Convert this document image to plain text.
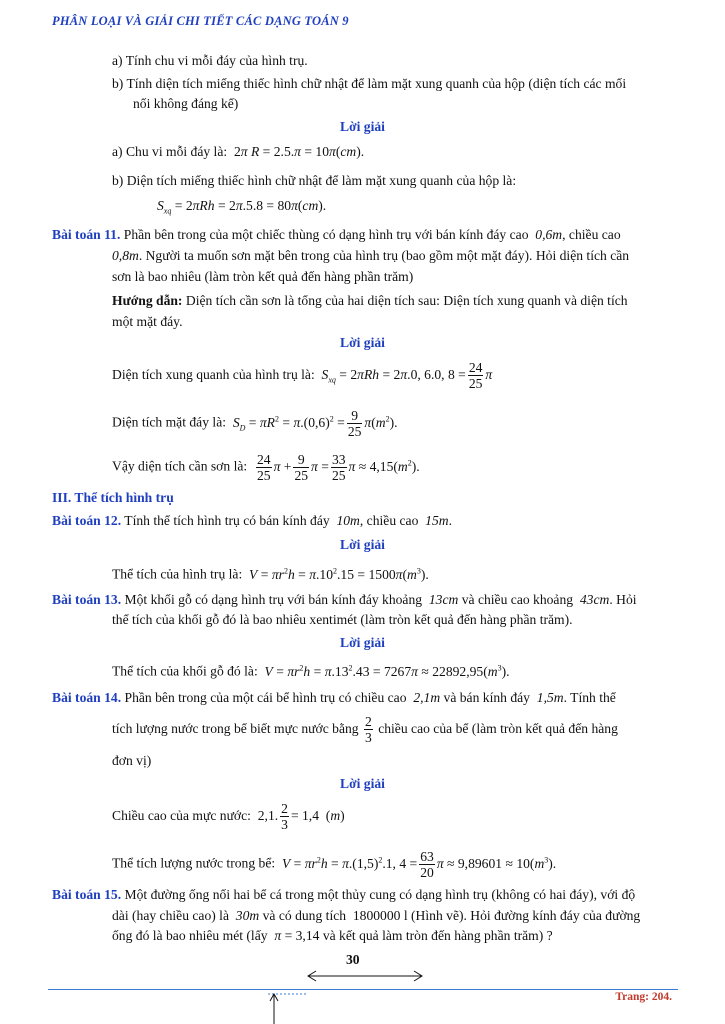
PHÂN LOẠI VÀ GIẢI CHI TIẾT CÁC DẠNG TOÁN 9
a) Tính chu vi mỗi đáy của hình trụ.
b) Tính diện tích miếng thiếc hình chữ nhật để làm mặt xung quanh của hộp (diện tích các mối
nối không đáng kể)
Lời giải
a) Chu vi mỗi đáy là:  2π R = 2.5.π = 10π(cm).
b) Diện tích miếng thiếc hình chữ nhật để làm mặt xung quanh của hộp là:
$S_{xq} = 2\pi Rh = 2\pi.5.8 = 80\pi(cm)$.
Bài toán 11. Phần bên trong của một chiếc thùng có dạng hình trụ với bán kính đáy cao  0,6m, chiều cao
0,8m. Người ta muốn sơn mặt bên trong của hình trụ (bao gồm một mặt đáy). Hỏi diện tích cần
sơn là bao nhiêu (làm tròn kết quả đến hàng phần trăm)
Hướng dẫn: Diện tích cần sơn là tổng của hai diện tích sau: Diện tích xung quanh và diện tích
một mặt đáy.
Lời giải
Diện tích xung quanh của hình trụ là: $S_{xq} = 2\pi Rh = 2\pi.0$, 6.0, $8 = \frac{24}{25}$ π
Diện tích mặt đáy là: $S_D = \pi R^2 = \pi.(0,6)^2 = \frac{9}{25} \pi(m^2)$.
Vậy diện tích cần sơn là: $\frac{24}{25}$ $\pi + \frac{9}{25}$ $\pi = \frac{33}{25}$ $\pi \approx 4,15(m^2)$.
III. Thể tích hình trụ
Bài toán 12. Tính thể tích hình trụ có bán kính đáy  10m, chiều cao  15m.
Lời giải
Thể tích của hình trụ là: $V = \pi r^2h = \pi.10^2.15 = 1500\pi(m^3)$.
Bài toán 13. Một khối gỗ có dạng hình trụ với bán kính đáy khoảng  13cm và chiều cao khoảng  43cm. Hỏi
thể tích của khối gỗ đó là bao nhiêu xentimét (làm tròn kết quả đến hàng phần trăm).
Lời giải
Thể tích của khối gỗ đó là: $V = \pi r^2h = \pi.13^2.43 = 7267\pi \approx 22892,95(m^3)$.
Bài toán 14. Phần bên trong của một cái bể hình trụ có chiều cao  2,1m và bán kính đáy  1,5m. Tính thể
tích lượng nước trong bể biết mực nước bằng $\frac{2}{3}$ chiều cao của bể (làm tròn kết quả đến hàng
đơn vị)
Lời giải
Chiều cao của mực nước:  2,1. $\frac{2}{3} = 1,4$  (m)
Thể tích lượng nước trong bể: $V = \pi r^2h = \pi.(1,5)^2.1$, $4 = \frac{63}{20}$ $\pi \approx 9,89601 \approx 10(m^3)$.
Bài toán 15. Một đường ống nối hai bể cá trong một thủy cung có dạng hình trụ (không có hai đáy), với độ
dài (hay chiều cao) là  30m và có dung tích  1800000 l (Hình vẽ). Hỏi đường kính đáy của đường
ống đó là bao nhiêu mét (lấy π = 3,14 và kết quả làm tròn đến hàng phần trăm) ?
30
Trang: 204.
